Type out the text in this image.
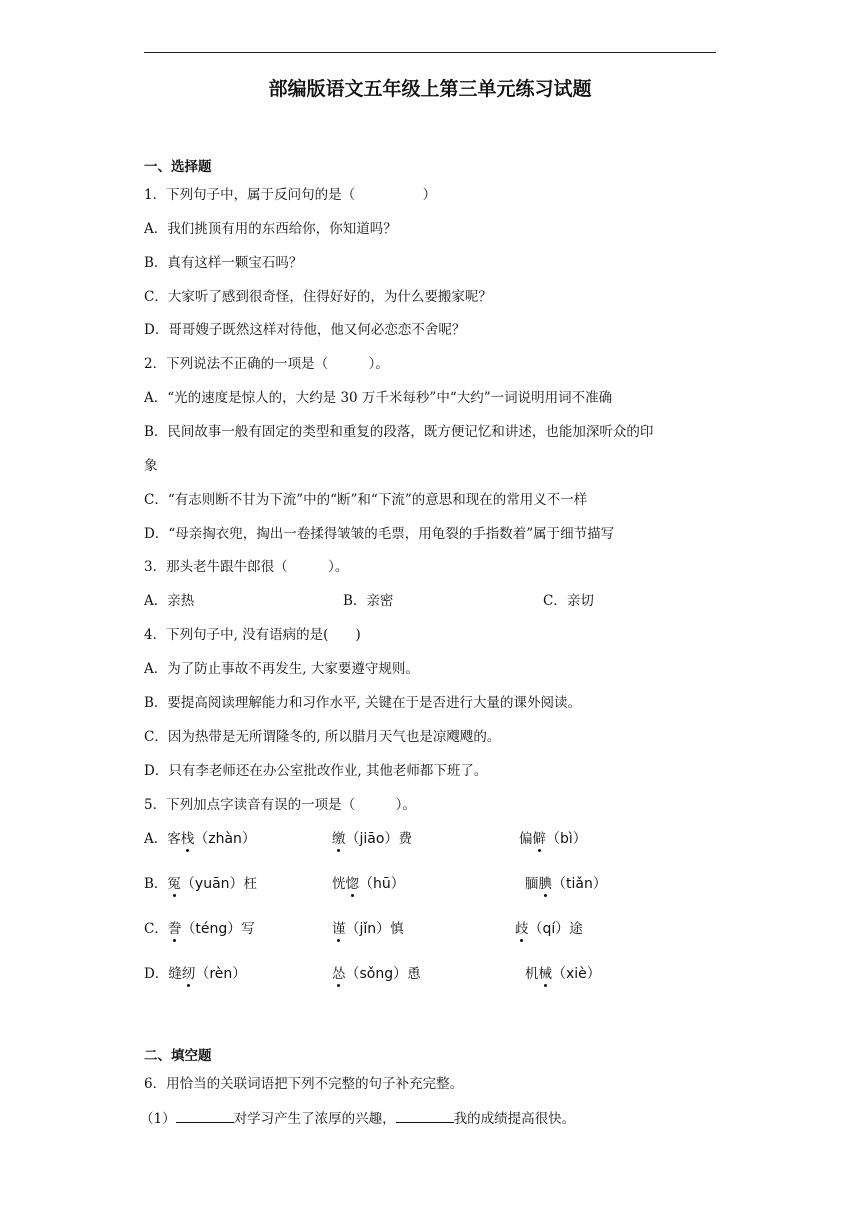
部编版语文五年级上第三单元练习试题
一、选择题
1．下列句子中，属于反问句的是（　　　　　）
A．我们挑顶有用的东西给你，你知道吗？
B．真有这样一颗宝石吗？
C．大家听了感到很奇怪，住得好好的，为什么要搬家呢？
D．哥哥嫂子既然这样对待他，他又何必恋恋不舍呢？
2．下列说法不正确的一项是（　　　）。
A．“光的速度是惊人的，大约是 30 万千米每秒”中“大约”一词说明用词不准确
B．民间故事一般有固定的类型和重复的段落，既方便记忆和讲述，也能加深听众的印
象
C．“有志则断不甘为下流”中的“断”和“下流”的意思和现在的常用义不一样
D．“母亲掏衣兜，掏出一卷揉得皱皱的毛票，用龟裂的手指数着”属于细节描写
3．那头老牛跟牛郎很（　　　）。
A．亲热	B．亲密	C．亲切
4．下列句子中, 没有语病的是(　　)
A．为了防止事故不再发生, 大家要遵守规则。
B．要提高阅读理解能力和习作水平, 关键在于是否进行大量的课外阅读。
C．因为热带是无所谓隆冬的, 所以腊月天气也是凉飕飕的。
D．只有李老师还在办公室批改作业, 其他老师都下班了。
5．下列加点字读音有误的一项是（　　　）。
A．客栈（zhàn）	缴（jiāo）费	偏僻（bì）
B．冤（yuān）枉	恍惚（hū）	腼腆（tiǎn）
C．誊（téng）写	谨（jǐn）慎	歧（qí）途
D．缝纫（rèn）	怂（sǒng）恿	机械（xiè）
二、填空题
6．用恰当的关联词语把下列不完整的句子补充完整。
（1）	对学习产生了浓厚的兴趣，	我的成绩提高很快。
